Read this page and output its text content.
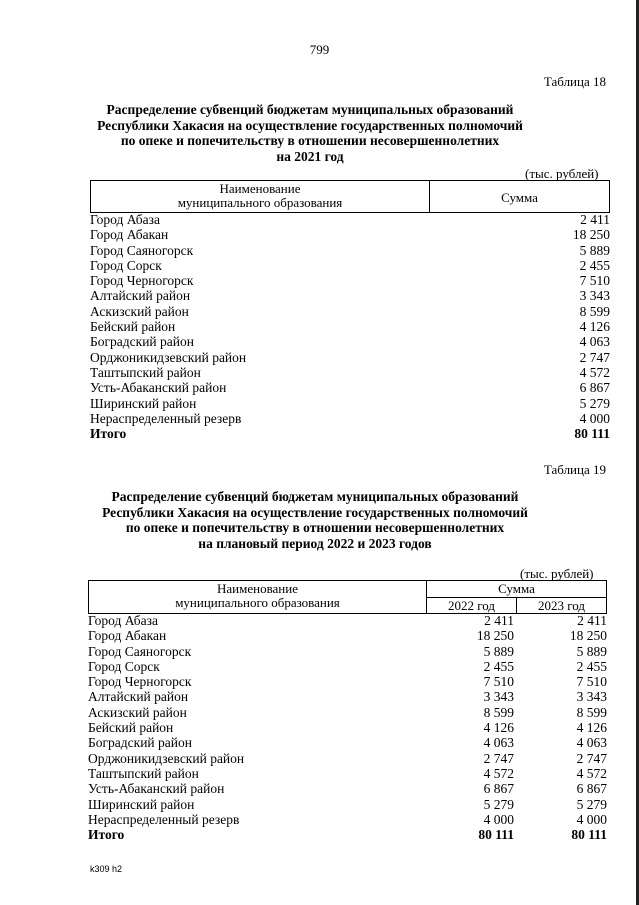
799
Таблица 18
Распределение субвенций бюджетам муниципальных образований
Республики Хакасия на осуществление государственных полномочий
по опеке и попечительству в отношении несовершеннолетних
на 2021 год
(тыс. рублей)
Наименование
муниципального образования	Сумма
Город Абаза	2 411
Город Абакан	18 250
Город Саяногорск	5 889
Город Сорск	2 455
Город Черногорск	7 510
Алтайский район	3 343
Аскизский район	8 599
Бейский район	4 126
Боградский район	4 063
Орджоникидзевский район	2 747
Таштыпский район	4 572
Усть-Абаканский район	6 867
Ширинский район	5 279
Нераспределенный резерв	4 000
Итого	80 111
Таблица 19
Распределение субвенций бюджетам муниципальных образований
Республики Хакасия на осуществление государственных полномочий
по опеке и попечительству в отношении несовершеннолетних
на плановый период 2022 и 2023 годов
(тыс. рублей)
Наименование
муниципального образования
Сумма
2022 год	2023 год
Город Абаза	2 411	2 411
Город Абакан	18 250	18 250
Город Саяногорск	5 889	5 889
Город Сорск	2 455	2 455
Город Черногорск	7 510	7 510
Алтайский район	3 343	3 343
Аскизский район	8 599	8 599
Бейский район	4 126	4 126
Боградский район	4 063	4 063
Орджоникидзевский район	2 747	2 747
Таштыпский район	4 572	4 572
Усть-Абаканский район	6 867	6 867
Ширинский район	5 279	5 279
Нераспределенный резерв	4 000	4 000
Итого	80 111	80 111
k309 h2
